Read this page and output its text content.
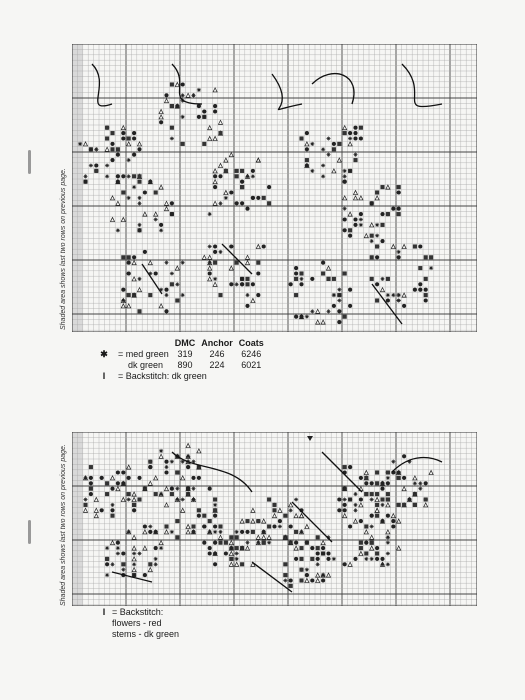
Shaded area shows last two rows on previous page.
		DMC	Anchor	Coats
✱	= med green	319	246	6246
	dk green	890	224	6021
I	= Backstitch: dk green			
Shaded area shows last two rows on previous page.
I = Backstitch:
flowers - red
stems - dk green
